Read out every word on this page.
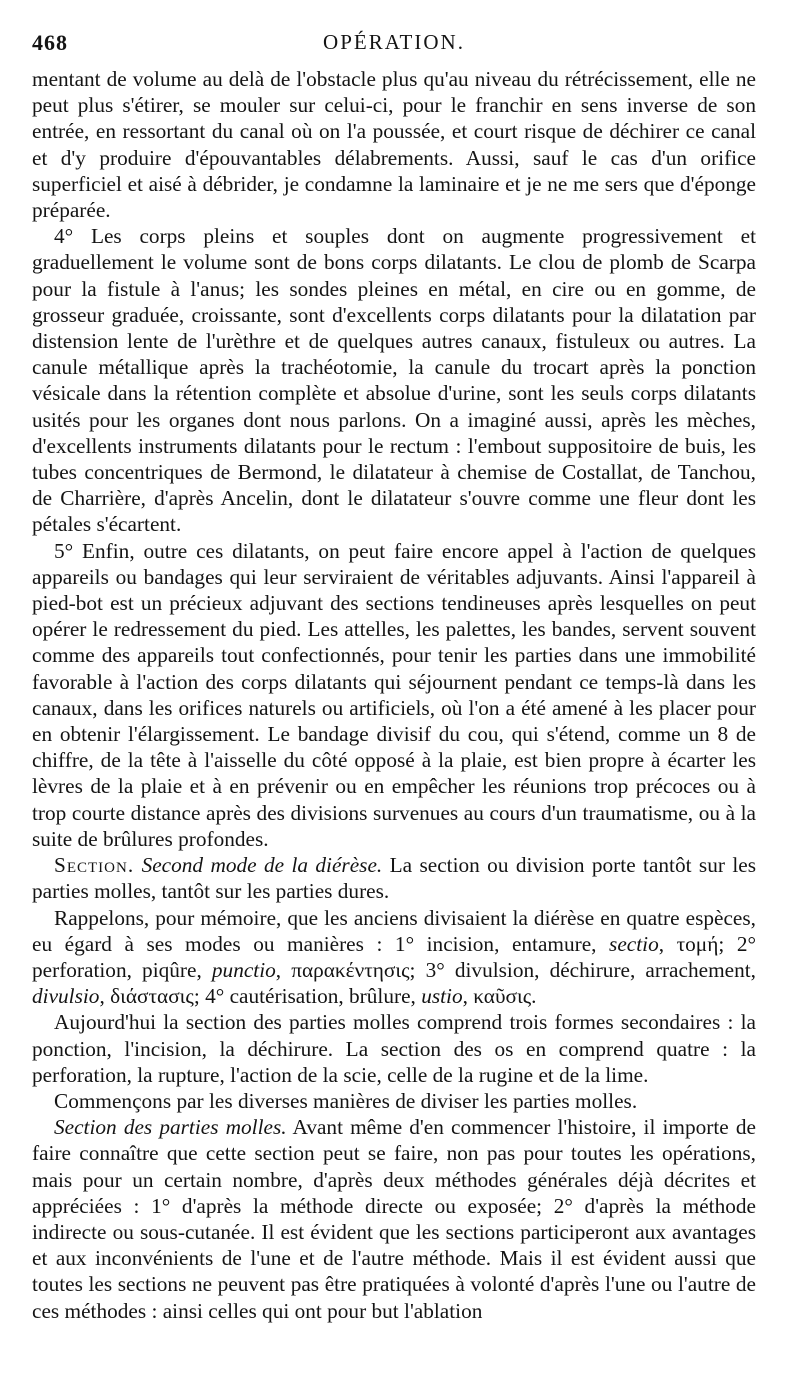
468	OPÉRATION.

mentant de volume au delà de l'obstacle plus qu'au niveau du rétrécissement, elle ne peut plus s'étirer, se mouler sur celui-ci, pour le franchir en sens inverse de son entrée, en ressortant du canal où on l'a poussée, et court risque de déchirer ce canal et d'y produire d'épouvantables délabrements. Aussi, sauf le cas d'un orifice superficiel et aisé à débrider, je condamne la laminaire et je ne me sers que d'éponge préparée.

4° Les corps pleins et souples dont on augmente progressivement et graduellement le volume sont de bons corps dilatants. Le clou de plomb de Scarpa pour la fistule à l'anus; les sondes pleines en métal, en cire ou en gomme, de grosseur graduée, croissante, sont d'excellents corps dilatants pour la dilatation par distension lente de l'urèthre et de quelques autres canaux, fistuleux ou autres. La canule métallique après la trachéotomie, la canule du trocart après la ponction vésicale dans la rétention complète et absolue d'urine, sont les seuls corps dilatants usités pour les organes dont nous parlons. On a imaginé aussi, après les mèches, d'excellents instruments dilatants pour le rectum : l'embout suppositoire de buis, les tubes concentriques de Bermond, le dilatateur à chemise de Costallat, de Tanchou, de Charrière, d'après Ancelin, dont le dilatateur s'ouvre comme une fleur dont les pétales s'écartent.

5° Enfin, outre ces dilatants, on peut faire encore appel à l'action de quelques appareils ou bandages qui leur serviraient de véritables adjuvants. Ainsi l'appareil à pied-bot est un précieux adjuvant des sections tendineuses après lesquelles on peut opérer le redressement du pied. Les attelles, les palettes, les bandes, servent souvent comme des appareils tout confectionnés, pour tenir les parties dans une immobilité favorable à l'action des corps dilatants qui séjournent pendant ce temps-là dans les canaux, dans les orifices naturels ou artificiels, où l'on a été amené à les placer pour en obtenir l'élargissement. Le bandage divisif du cou, qui s'étend, comme un 8 de chiffre, de la tête à l'aisselle du côté opposé à la plaie, est bien propre à écarter les lèvres de la plaie et à en prévenir ou en empêcher les réunions trop précoces ou à trop courte distance après des divisions survenues au cours d'un traumatisme, ou à la suite de brûlures profondes.

Section. Second mode de la diérèse. La section ou division porte tantôt sur les parties molles, tantôt sur les parties dures.

Rappelons, pour mémoire, que les anciens divisaient la diérèse en quatre espèces, eu égard à ses modes ou manières : 1° incision, entamure, sectio, τομή; 2° perforation, piqûre, punctio, παρακέντησις; 3° divulsion, déchirure, arrachement, divulsio, διάστασις; 4° cautérisation, brûlure, ustio, καῦσις.

Aujourd'hui la section des parties molles comprend trois formes secondaires : la ponction, l'incision, la déchirure. La section des os en comprend quatre : la perforation, la rupture, l'action de la scie, celle de la rugine et de la lime.

Commençons par les diverses manières de diviser les parties molles.

Section des parties molles. Avant même d'en commencer l'histoire, il importe de faire connaître que cette section peut se faire, non pas pour toutes les opérations, mais pour un certain nombre, d'après deux méthodes générales déjà décrites et appréciées : 1° d'après la méthode directe ou exposée; 2° d'après la méthode indirecte ou sous-cutanée. Il est évident que les sections participeront aux avantages et aux inconvénients de l'une et de l'autre méthode. Mais il est évident aussi que toutes les sections ne peuvent pas être pratiquées à volonté d'après l'une ou l'autre de ces méthodes : ainsi celles qui ont pour but l'ablation
